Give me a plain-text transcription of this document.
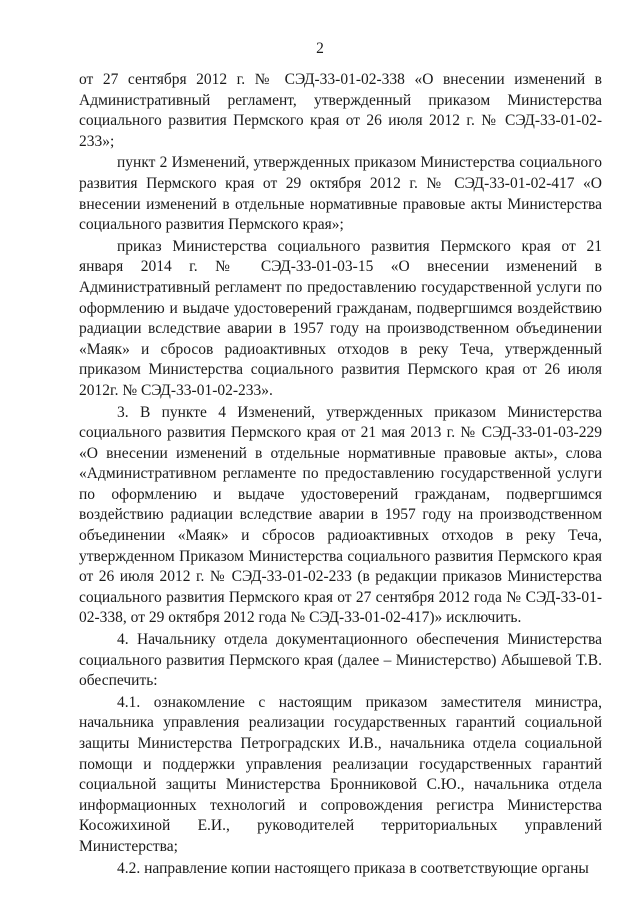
2

от 27 сентября 2012 г. № СЭД-33-01-02-338 «О внесении изменений в Административный регламент, утвержденный приказом Министерства социального развития Пермского края от 26 июля 2012 г. № СЭД-33-01-02-233»;

пункт 2 Изменений, утвержденных приказом Министерства социального развития Пермского края от 29 октября 2012 г. № СЭД-33-01-02-417 «О внесении изменений в отдельные нормативные правовые акты Министерства социального развития Пермского края»;

приказ Министерства социального развития Пермского края от 21 января 2014 г. № СЭД-33-01-03-15 «О внесении изменений в Административный регламент по предоставлению государственной услуги по оформлению и выдаче удостоверений гражданам, подвергшимся воздействию радиации вследствие аварии в 1957 году на производственном объединении «Маяк» и сбросов радиоактивных отходов в реку Теча, утвержденный приказом Министерства социального развития Пермского края от 26 июля 2012г. № СЭД-33-01-02-233».

3. В пункте 4 Изменений, утвержденных приказом Министерства социального развития Пермского края от 21 мая 2013 г. № СЭД-33-01-03-229 «О внесении изменений в отдельные нормативные правовые акты», слова «Административном регламенте по предоставлению государственной услуги по оформлению и выдаче удостоверений гражданам, подвергшимся воздействию радиации вследствие аварии в 1957 году на производственном объединении «Маяк» и сбросов радиоактивных отходов в реку Теча, утвержденном Приказом Министерства социального развития Пермского края от 26 июля 2012 г. № СЭД-33-01-02-233 (в редакции приказов Министерства социального развития Пермского края от 27 сентября 2012 года № СЭД-33-01-02-338, от 29 октября 2012 года № СЭД-33-01-02-417)» исключить.

4. Начальнику отдела документационного обеспечения Министерства социального развития Пермского края (далее – Министерство) Абышевой Т.В. обеспечить:

4.1. ознакомление с настоящим приказом заместителя министра, начальника управления реализации государственных гарантий социальной защиты Министерства Петроградских И.В., начальника отдела социальной помощи и поддержки управления реализации государственных гарантий социальной защиты Министерства Бронниковой С.Ю., начальника отдела информационных технологий и сопровождения регистра Министерства Косожихиной Е.И., руководителей территориальных управлений Министерства;

4.2. направление копии настоящего приказа в соответствующие органы
